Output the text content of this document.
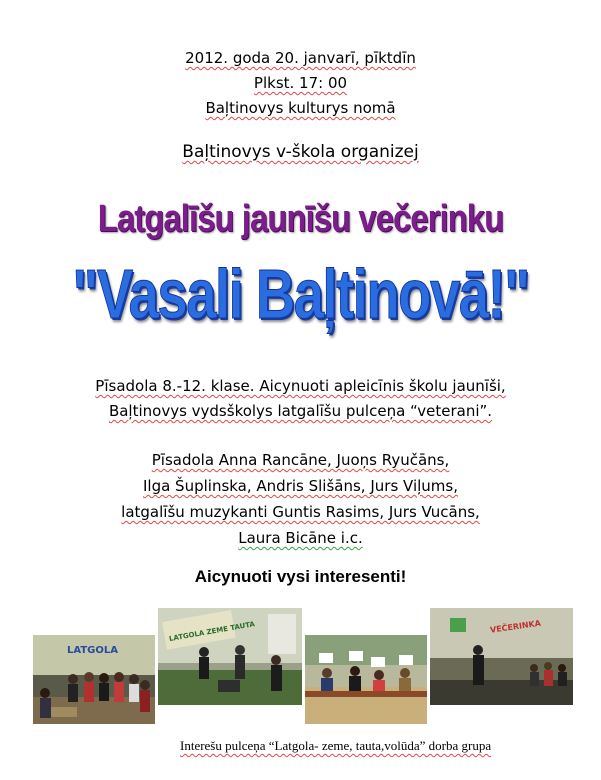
2012. goda 20. janvarī, pīktdīn
Plkst. 17: 00
Baļtinovys kulturys nomā
Baļtinovys v-škola organizej
Latgalīšu jaunīšu večerinku
"Vasali Baļtinovā!"
Pīsadola 8.-12. klase. Aicynuoti apleicīnis školu jaunīši,
Baļtinovys vydsškolys latgalīšu pulceņa “veterani”.
Pīsadola Anna Rancāne, Juoņs Ryučāns,
Ilga Šuplinska, Andris Slišāns, Jurs Viļums,
latgalīšu muzykanti Guntis Rasims, Jurs Vucāns,
Laura Bicāne i.c.
Aicynuoti vysi interesenti!
LATGOLA
LATGOLA ZEME TAUTA	VEČERINKA
Interešu pulceņa “Latgola- zeme, tauta,volūda” dorba grupa
